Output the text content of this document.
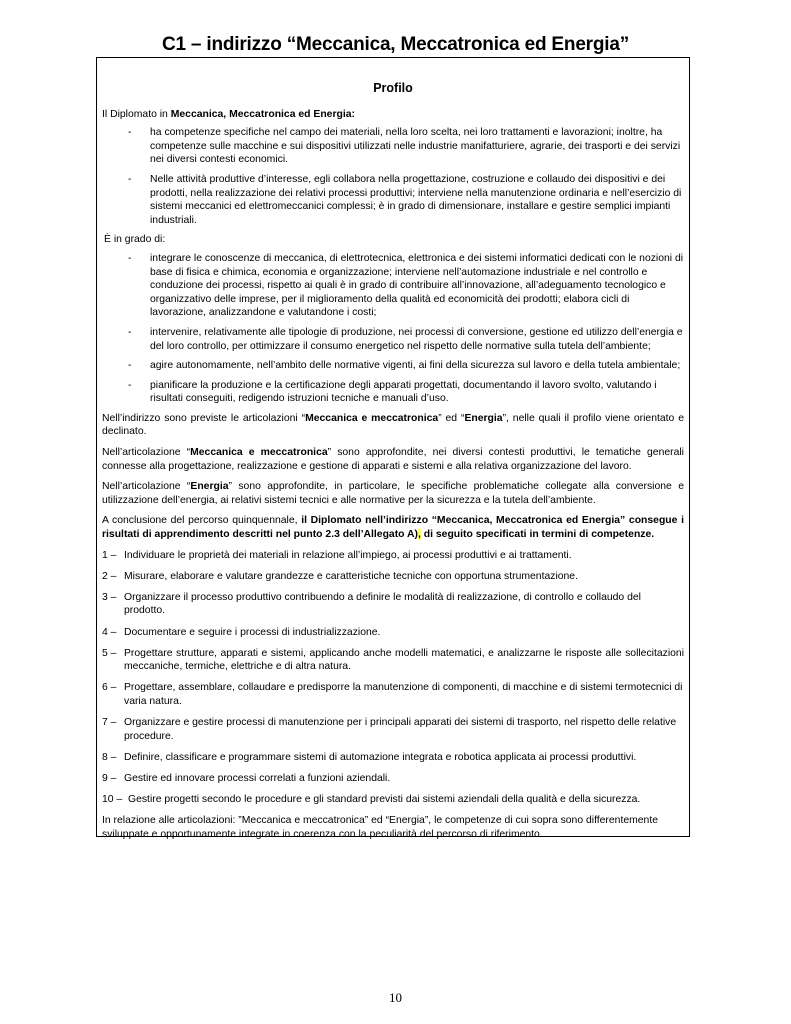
C1 – indirizzo “Meccanica, Meccatronica ed Energia”

Profilo

Il Diplomato in Meccanica, Meccatronica ed Energia:

- ha competenze specifiche nel campo dei materiali, nella loro scelta, nei loro trattamenti e lavorazioni; inoltre, ha competenze sulle macchine e sui dispositivi utilizzati nelle industrie manifatturiere, agrarie, dei trasporti e dei servizi nei diversi contesti economici.
- Nelle attività produttive d’interesse, egli collabora nella progettazione, costruzione e collaudo dei dispositivi e dei prodotti, nella realizzazione dei relativi processi produttivi; interviene nella manutenzione ordinaria e nell’esercizio di sistemi meccanici ed elettromeccanici complessi; è in grado di dimensionare, installare e gestire semplici impianti industriali.

È in grado di:

- integrare le conoscenze di meccanica, di elettrotecnica, elettronica e dei sistemi informatici dedicati con le nozioni di base di fisica e chimica, economia e organizzazione; interviene nell’automazione industriale e nel controllo e conduzione dei processi, rispetto ai quali è in grado di contribuire all’innovazione, all’adeguamento tecnologico e organizzativo delle imprese, per il miglioramento della qualità ed economicità dei prodotti; elabora cicli di lavorazione, analizzandone e valutandone i costi;
- intervenire, relativamente alle tipologie di produzione, nei processi di conversione, gestione ed utilizzo dell’energia e del loro controllo, per ottimizzare il consumo energetico nel rispetto delle normative sulla tutela dell’ambiente;
- agire autonomamente, nell’ambito delle normative vigenti, ai fini della sicurezza sul lavoro e della tutela ambientale;
- pianificare la produzione e la certificazione degli apparati progettati, documentando il lavoro svolto, valutando i risultati conseguiti, redigendo istruzioni tecniche e manuali d’uso.

Nell’indirizzo sono previste le articolazioni “Meccanica e meccatronica” ed “Energia”, nelle quali il profilo viene orientato e declinato.

Nell’articolazione “Meccanica e meccatronica” sono approfondite, nei diversi contesti produttivi, le tematiche generali connesse alla progettazione, realizzazione e gestione di apparati e sistemi e alla relativa organizzazione del lavoro.

Nell’articolazione “Energia” sono approfondite, in particolare, le specifiche problematiche collegate alla conversione e utilizzazione dell’energia, ai relativi sistemi tecnici e alle normative per la sicurezza e la tutela dell’ambiente.

A conclusione del percorso quinquennale, il Diplomato nell’indirizzo “Meccanica, Meccatronica ed Energia” consegue i risultati di apprendimento descritti nel punto 2.3 dell’Allegato A), di seguito specificati in termini di competenze.

1 – Individuare le proprietà dei materiali in relazione all’impiego, ai processi produttivi e ai trattamenti.
2 – Misurare, elaborare e valutare grandezze e caratteristiche tecniche con opportuna strumentazione.
3 – Organizzare il processo produttivo contribuendo a definire le modalità di realizzazione, di controllo e collaudo del prodotto.
4 – Documentare e seguire i processi di industrializzazione.
5 – Progettare strutture, apparati e sistemi, applicando anche modelli matematici, e analizzarne le risposte alle sollecitazioni meccaniche, termiche, elettriche e di altra natura.
6 – Progettare, assemblare, collaudare e predisporre la manutenzione di componenti, di macchine e di sistemi termotecnici di varia natura.
7 – Organizzare e gestire processi di manutenzione per i principali apparati dei sistemi di trasporto, nel rispetto delle relative procedure.
8 – Definire, classificare e programmare sistemi di automazione integrata e robotica applicata ai processi produttivi.
9 – Gestire ed innovare processi correlati a funzioni aziendali.
10 – Gestire progetti secondo le procedure e gli standard previsti dai sistemi aziendali della qualità e della sicurezza.

In relazione alle articolazioni: ”Meccanica e meccatronica” ed “Energia”, le competenze di cui sopra sono differentemente sviluppate e opportunamente integrate in coerenza con la peculiarità del percorso di riferimento.

10
